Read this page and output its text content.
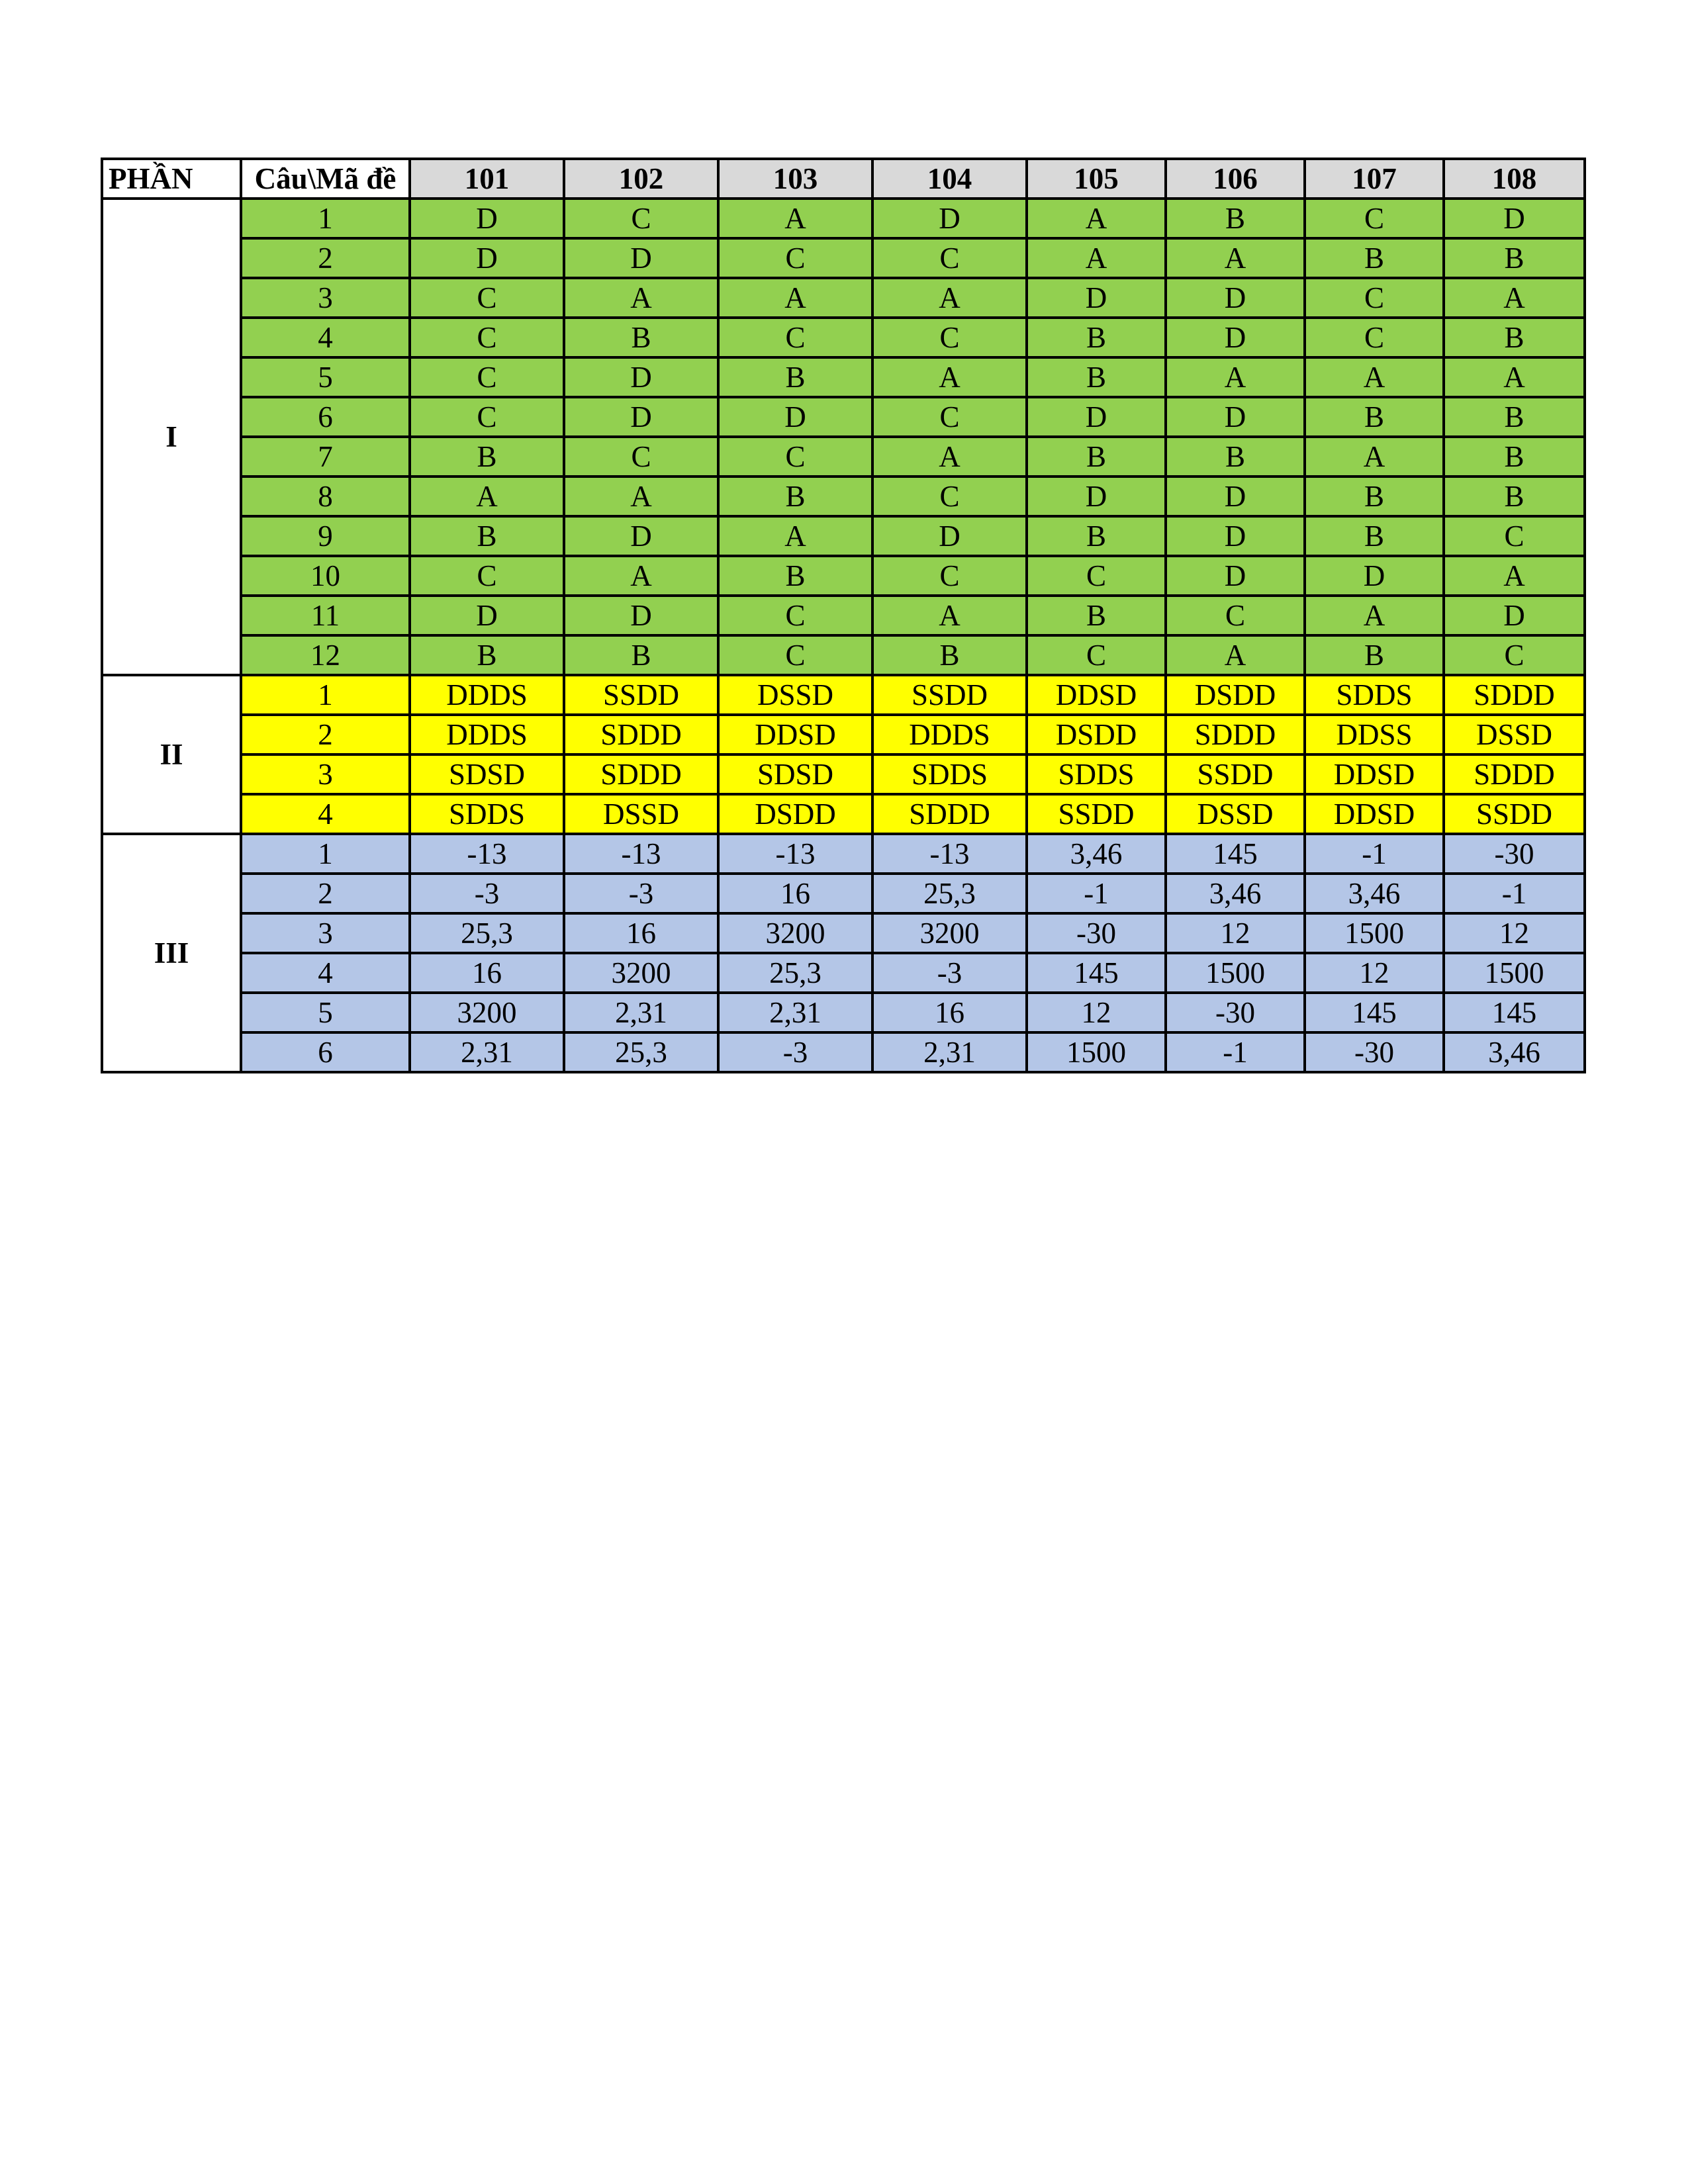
PHẦN	Câu\Mã đề	101	102	103	104	105	106	107	108
I	1	D	C	A	D	A	B	C	D
	2	D	D	C	C	A	A	B	B
	3	C	A	A	A	D	D	C	A
	4	C	B	C	C	B	D	C	B
	5	C	D	B	A	B	A	A	A
	6	C	D	D	C	D	D	B	B
	7	B	C	C	A	B	B	A	B
	8	A	A	B	C	D	D	B	B
	9	B	D	A	D	B	D	B	C
	10	C	A	B	C	C	D	D	A
	11	D	D	C	A	B	C	A	D
	12	B	B	C	B	C	A	B	C
II	1	DDDS	SSDD	DSSD	SSDD	DDSD	DSDD	SDDS	SDDD
	2	DDDS	SDDD	DDSD	DDDS	DSDD	SDDD	DDSS	DSSD
	3	SDSD	SDDD	SDSD	SDDS	SDDS	SSDD	DDSD	SDDD
	4	SDDS	DSSD	DSDD	SDDD	SSDD	DSSD	DDSD	SSDD
III	1	-13	-13	-13	-13	3,46	145	-1	-30
	2	-3	-3	16	25,3	-1	3,46	3,46	-1
	3	25,3	16	3200	3200	-30	12	1500	12
	4	16	3200	25,3	-3	145	1500	12	1500
	5	3200	2,31	2,31	16	12	-30	145	145
	6	2,31	25,3	-3	2,31	1500	-1	-30	3,46
